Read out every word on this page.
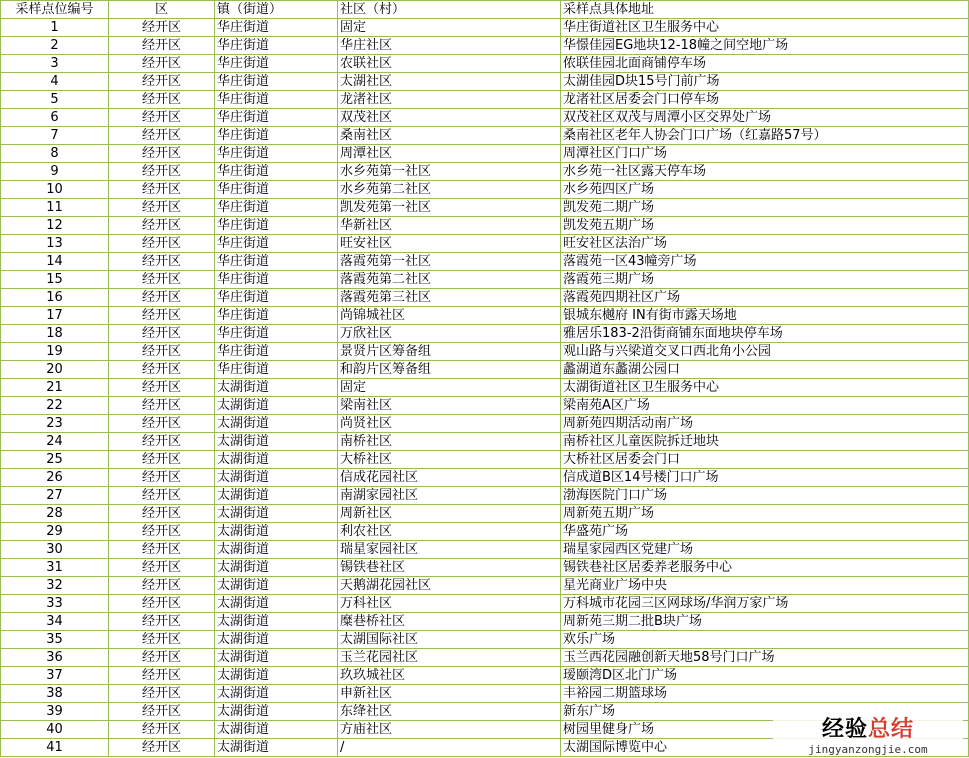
采样点位编号	区	镇（街道）	社区（村）	采样点具体地址
1	经开区	华庄街道	固定	华庄街道社区卫生服务中心
2	经开区	华庄街道	华庄社区	华憬佳园EG地块12-18幢之间空地广场
3	经开区	华庄街道	农联社区	侬联佳园北面商铺停车场
4	经开区	华庄街道	太湖社区	太湖佳园D块15号门前广场
5	经开区	华庄街道	龙渚社区	龙渚社区居委会门口停车场
6	经开区	华庄街道	双茂社区	双茂社区双茂与周潭小区交界处广场
7	经开区	华庄街道	桑南社区	桑南社区老年人协会门口广场（红嘉路57号）
8	经开区	华庄街道	周潭社区	周潭社区门口广场
9	经开区	华庄街道	水乡苑第一社区	水乡苑一社区露天停车场
10	经开区	华庄街道	水乡苑第二社区	水乡苑四区广场
11	经开区	华庄街道	凯发苑第一社区	凯发苑二期广场
12	经开区	华庄街道	华新社区	凯发苑五期广场
13	经开区	华庄街道	旺安社区	旺安社区法治广场
14	经开区	华庄街道	落霞苑第一社区	落霞苑一区43幢旁广场
15	经开区	华庄街道	落霞苑第二社区	落霞苑三期广场
16	经开区	华庄街道	落霞苑第三社区	落霞苑四期社区广场
17	经开区	华庄街道	尚锦城社区	银城东樾府 IN有街市露天场地
18	经开区	华庄街道	万欣社区	雅居乐183-2沿街商铺东面地块停车场
19	经开区	华庄街道	景贤片区筹备组	观山路与兴梁道交叉口西北角小公园
20	经开区	华庄街道	和韵片区筹备组	蠡湖道东蠡湖公园口
21	经开区	太湖街道	固定	太湖街道社区卫生服务中心
22	经开区	太湖街道	梁南社区	梁南苑A区广场
23	经开区	太湖街道	尚贤社区	周新苑四期活动南广场
24	经开区	太湖街道	南桥社区	南桥社区儿童医院拆迁地块
25	经开区	太湖街道	大桥社区	大桥社区居委会门口
26	经开区	太湖街道	信成花园社区	信成道B区14号楼门口广场
27	经开区	太湖街道	南湖家园社区	渤海医院门口广场
28	经开区	太湖街道	周新社区	周新苑五期广场
29	经开区	太湖街道	利农社区	华盛苑广场
30	经开区	太湖街道	瑞星家园社区	瑞星家园西区党建广场
31	经开区	太湖街道	锡铁巷社区	锡铁巷社区居委养老服务中心
32	经开区	太湖街道	天鹅湖花园社区	星光商业广场中央
33	经开区	太湖街道	万科社区	万科城市花园三区网球场/华润万家广场
34	经开区	太湖街道	糜巷桥社区	周新苑三期二批B块广场
35	经开区	太湖街道	太湖国际社区	欢乐广场
36	经开区	太湖街道	玉兰花园社区	玉兰西花园融创新天地58号门口广场
37	经开区	太湖街道	玖玖城社区	瑷颐湾D区北门广场
38	经开区	太湖街道	申新社区	丰裕园二期篮球场
39	经开区	太湖街道	东绛社区	新东广场
40	经开区	太湖街道	方庙社区	树园里健身广场
41	经开区	太湖街道	/	太湖国际博览中心
经验总结
jingyanzongjie.com
